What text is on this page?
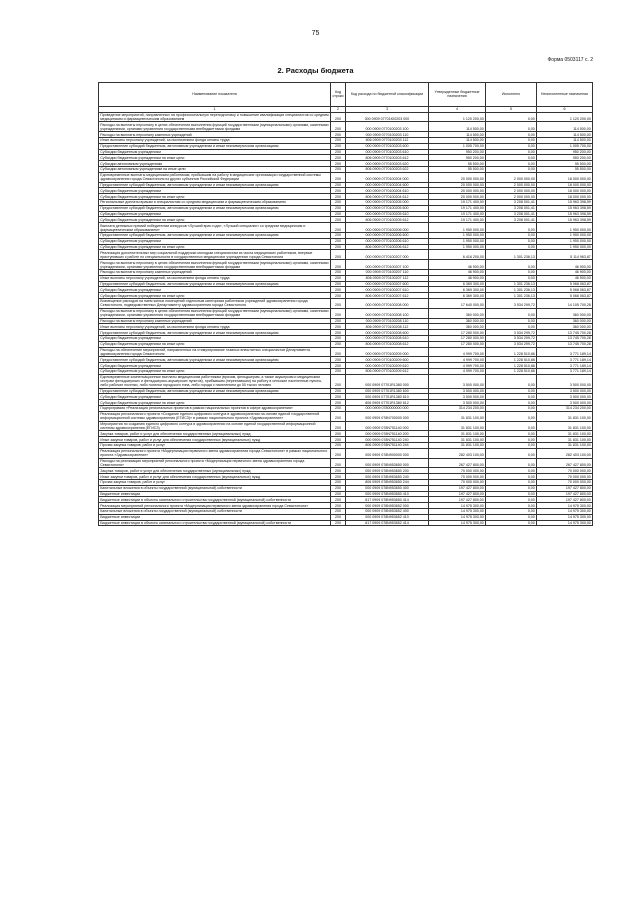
75
Форма 0503117 с. 2
2. Расходы бюджета
Наименование показателя	Код строки	Код расхода по бюджетной классификации	Утвержденные бюджетные назначения	Исполнено	Неисполненные назначения
1	2	3	4	5	6
Проведение мероприятий, направленных на профессиональную переподготовку и повышение квалификации специалистов со средним медицинским и фармацевтическим образованием	200	000 0909 07701Ю0203 000	1 120 200,00	0,00	1 120 200,00
Расходы на выплаты персоналу в целях обеспечения выполнения функций государственными (муниципальными) органами, казенными учреждениями, органами управления государственными внебюджетными фондами	200	000 0909 0770100203 100	114 500,00	0,00	114 500,00
Расходы на выплаты персоналу казенных учреждений	200	000 0909 0770100203 110	114 500,00	0,00	114 500,00
Иные выплаты персоналу учреждений, за исключением фонда оплаты труда	200	806 0909 0770100203 112	114 500,00	0,00	114 500,00
Предоставление субсидий бюджетным, автономным учреждениям и иным некоммерческим организациям	200	000 0909 0770100203 600	1 005 700,00	0,00	1 005 700,00
Субсидии бюджетным учреждениям	200	000 0909 0770100203 610	950 200,00	0,00	950 200,00
Субсидии бюджетным учреждениям на иные цели	200	806 0909 0770100203 612	950 200,00	0,00	950 200,00
Субсидии автономным учреждениям	200	000 0909 0770100203 620	55 500,00	0,00	55 500,00
Субсидии автономным учреждениям на иные цели	200	806 0909 0770100203 622	55 500,00	0,00	55 500,00
Единовременные выплаты медицинским работникам, прибывшим на работу в медицинские организации государственной системы здравоохранения города Севастополя из других субъектов Российской Федерации	200	000 0909 0770100204 000	20 000 000,00	2 000 000,00	18 000 000,00
Предоставление субсидий бюджетным, автономным учреждениям и иным некоммерческим организациям	200	000 0909 0770100204 600	20 000 000,00	2 000 000,00	18 000 000,00
Субсидии бюджетным учреждениям	200	000 0909 0770100204 610	20 000 000,00	2 000 000,00	18 000 000,00
Субсидии бюджетным учреждениям на иные цели	200	806 0909 0770100204 612	20 000 000,00	2 000 000,00	18 000 000,00
Региональные доплаты врачам и специалистам со средним медицинским и фармацевтическим образованием	200	000 0909 0770100205 000	19 171 400,00	3 208 001,41	15 963 398,59
Предоставление субсидий бюджетным, автономным учреждениям и иным некоммерческим организациям	200	000 0909 0770100205 600	19 171 400,00	3 208 001,41	15 963 398,59
Субсидии бюджетным учреждениям	200	000 0909 0770100205 610	19 171 400,00	3 208 001,41	15 963 398,59
Субсидии бюджетным учреждениям на иные цели	200	806 0909 0770100205 612	19 171 400,00	3 208 001,41	15 963 398,59
Выплата денежных премий победителям конкурсов «Лучший врач года», «Лучший специалист со средним медицинским и фармацевтическим образованием»	200	000 0909 0770100206 000	1 950 000,00	0,00	1 950 000,00
Предоставление субсидий бюджетным, автономным учреждениям и иным некоммерческим организациям	200	000 0909 0770100206 600	1 950 000,00	0,00	1 950 000,00
Субсидии бюджетным учреждениям	200	000 0909 0770100206 610	1 950 000,00	0,00	1 950 000,00
Субсидии бюджетным учреждениям на иные цели	200	806 0909 0770100206 612	1 950 000,00	0,00	1 950 000,00
Реализация дополнительных мер социальной поддержки молодым специалистам из числа медицинских работников, впервые приступивших к работе по специальности в государственных медицинских учреждениях города Севастополя	200	000 0909 0770100207 000	6 416 200,00	1 301 236,13	5 114 963,87
Расходы на выплаты персоналу в целях обеспечения выполнения функций государственными (муниципальными) органами, казенными учреждениями, органами управления государственными внебюджетными фондами	200	000 0909 0770100207 100	46 900,00	0,00	46 900,00
Расходы на выплаты персоналу казенных учреждений	200	000 0909 0770100207 110	46 900,00	0,00	46 900,00
Иные выплаты персоналу учреждений, за исключением фонда оплаты труда	200	806 0909 0770100207 112	46 900,00	0,00	46 900,00
Предоставление субсидий бюджетным, автономным учреждениям и иным некоммерческим организациям	200	000 0909 0770100207 600	6 369 300,00	1 301 236,13	5 068 063,87
Субсидии бюджетным учреждениям	200	000 0909 0770100207 610	6 369 300,00	1 301 236,13	5 068 063,87
Субсидии бюджетным учреждениям на иные цели	200	806 0909 0770100207 612	6 369 300,00	1 301 236,13	5 068 063,87
Возмещение расходов на наем жилых помещений отдельным категориям работников учреждений здравоохранения города Севастополя, подведомственных Департаменту здравоохранения города Севастополя	200	000 0909 0770100208 000	17 640 000,00	3 534 299,72	14 105 700,28
Расходы на выплаты персоналу в целях обеспечения выполнения функций государственными (муниципальными) органами, казенными учреждениями, органами управления государственными внебюджетными фондами	200	000 0909 0770100208 100	360 000,00	0,00	360 000,00
Расходы на выплаты персоналу казенных учреждений	200	000 0909 0770100208 110	360 000,00	0,00	360 000,00
Иные выплаты персоналу учреждений, за исключением фонда оплаты труда	200	806 0909 0770100208 112	360 000,00	0,00	360 000,00
Предоставление субсидий бюджетным, автономным учреждениям и иным некоммерческим организациям	200	000 0909 0770100208 600	17 280 000,00	3 534 299,72	13 745 700,28
Субсидии бюджетным учреждениям	200	000 0909 0770100208 610	17 280 000,00	3 534 299,72	13 745 700,28
Субсидии бюджетным учреждениям на иные цели	200	806 0909 0770100208 612	17 280 000,00	3 534 299,72	13 745 700,28
Расходы на обеспечение мероприятий, направленных на стимулирование главных внештатных специалистов Департамента здравоохранения города Севастополя	200	000 0909 0770100209 000	4 999 700,00	1 228 510,86	3 771 189,14
Предоставление субсидий бюджетным, автономным учреждениям и иным некоммерческим организациям	200	000 0909 0770100209 600	4 999 700,00	1 228 510,86	3 771 189,14
Субсидии бюджетным учреждениям	200	000 0909 0770100209 610	4 999 700,00	1 228 510,86	3 771 189,14
Субсидии бюджетным учреждениям на иные цели	200	806 0909 0770100209 612	4 999 700,00	1 228 510,86	3 771 189,14
Единовременные компенсационные выплаты медицинским работникам (врачам, фельдшерам, а также акушеркам и медицинским сестрам фельдшерских и фельдшерско-акушерских пунктов), прибывшим (переехавшим) на работу в сельские населенные пункты, либо рабочие поселки, либо поселки городского типа, либо города с населением до 50 тысяч человек	200	000 0909 07701R1380 000	3 500 000,00	0,00	3 500 000,00
Предоставление субсидий бюджетным, автономным учреждениям и иным некоммерческим организациям	200	000 0909 07701R1380 600	3 500 000,00	0,00	3 500 000,00
Субсидии бюджетным учреждениям	200	000 0909 07701R1380 610	3 500 000,00	0,00	3 500 000,00
Субсидии бюджетным учреждениям на иные цели	200	806 0909 07701R1380 612	3 500 000,00	0,00	3 500 000,00
Подпрограмма «Реализация региональных проектов в рамках национальных проектов в сфере здравоохранения»	200	000 0909 0780000000 000	314 234 200,00	0,00	314 234 200,00
Реализация регионального проекта «Создание единого цифрового контура в здравоохранении на основе единой государственной информационной системы здравоохранения (ЕГИСЗ)» в рамках национального проекта «Здравоохранение»	200	000 0909 078N700000 000	31 831 100,00	0,00	31 831 100,00
Мероприятия по созданию единого цифрового контура в здравоохранении на основе единой государственной информационной системы здравоохранения (ЕГИСЗ)	200	000 0909 078N751140 000	31 831 100,00	0,00	31 831 100,00
Закупка товаров, работ и услуг для обеспечения государственных (муниципальных) нужд	200	000 0909 078N751140 200	31 831 100,00	0,00	31 831 100,00
Иные закупки товаров, работ и услуг для обеспечения государственных (муниципальных) нужд	200	000 0909 078N751140 240	31 831 100,00	0,00	31 831 100,00
Прочая закупка товаров, работ и услуг	200	806 0909 078N751140 244	31 831 100,00	0,00	31 831 100,00
Реализация регионального проекта «Модернизация первичного звена здравоохранения города Севастополя» в рамках национального проекта «Здравоохранение»	200	000 0909 078N900000 000	282 403 100,00	0,00	282 403 100,00
Расходы на реализацию мероприятий регионального проекта «Модернизация первичного звена здравоохранения города Севастополя»	200	000 0909 078N953650 000	267 427 800,00	0,00	267 427 800,00
Закупка товаров, работ и услуг для обеспечения государственных (муниципальных) нужд	200	000 0909 078N953650 200	70 000 000,00	0,00	70 000 000,00
Иные закупки товаров, работ и услуг для обеспечения государственных (муниципальных) нужд	200	000 0909 078N953650 240	70 000 000,00	0,00	70 000 000,00
Прочая закупка товаров, работ и услуг	200	806 0909 078N953650 244	70 000 000,00	0,00	70 000 000,00
Капитальные вложения в объекты государственной (муниципальной) собственности	200	000 0909 078N953650 400	197 427 800,00	0,00	197 427 800,00
Бюджетные инвестиции	200	000 0909 078N953650 410	197 427 800,00	0,00	197 427 800,00
Бюджетные инвестиции в объекты капитального строительства государственной (муниципальной) собственности	200	817 0909 078N953650 414	197 427 800,00	0,00	197 427 800,00
Реализация мероприятий регионального проекта «Модернизация первичного звена здравоохранения города Севастополя»	200	000 0909 078N953652 000	14 975 300,00	0,00	14 975 300,00
Капитальные вложения в объекты государственной (муниципальной) собственности	200	000 0909 078N953652 400	14 975 300,00	0,00	14 975 300,00
Бюджетные инвестиции	200	000 0909 078N953652 410	14 975 300,00	0,00	14 975 300,00
Бюджетные инвестиции в объекты капитального строительства государственной (муниципальной) собственности	200	817 0909 078N953652 414	14 975 300,00	0,00	14 975 300,00
